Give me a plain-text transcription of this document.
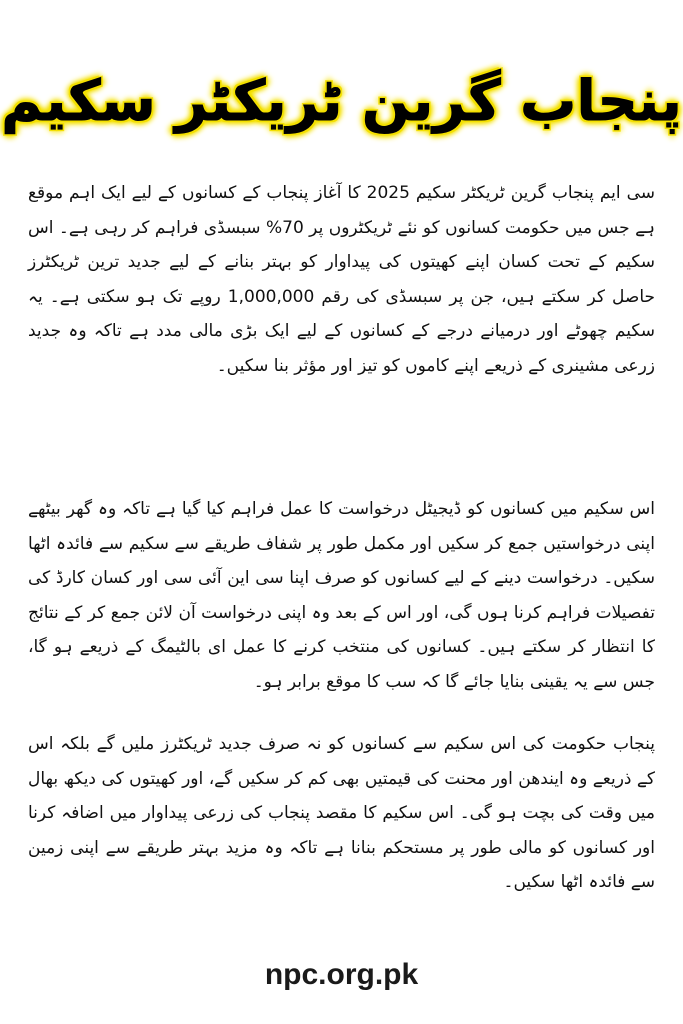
پنجاب گرین ٹریکٹر سکیم

سی ایم پنجاب گرین ٹریکٹر سکیم 2025 کا آغاز پنجاب کے کسانوں کے لیے ایک اہم موقع ہے جس میں حکومت کسانوں کو نئے ٹریکٹروں پر 70% سبسڈی فراہم کر رہی ہے۔ اس سکیم کے تحت کسان اپنے کھیتوں کی پیداوار کو بہتر بنانے کے لیے جدید ترین ٹریکٹرز حاصل کر سکتے ہیں، جن پر سبسڈی کی رقم 1,000,000 روپے تک ہو سکتی ہے۔ یہ سکیم چھوٹے اور درمیانے درجے کے کسانوں کے لیے ایک بڑی مالی مدد ہے تاکہ وہ جدید زرعی مشینری کے ذریعے اپنے کاموں کو تیز اور مؤثر بنا سکیں۔

اس سکیم میں کسانوں کو ڈیجیٹل درخواست کا عمل فراہم کیا گیا ہے تاکہ وہ گھر بیٹھے اپنی درخواستیں جمع کر سکیں اور مکمل طور پر شفاف طریقے سے سکیم سے فائدہ اٹھا سکیں۔ درخواست دینے کے لیے کسانوں کو صرف اپنا سی این آئی سی اور کسان کارڈ کی تفصیلات فراہم کرنا ہوں گی، اور اس کے بعد وہ اپنی درخواست آن لائن جمع کر کے نتائج کا انتظار کر سکتے ہیں۔ کسانوں کی منتخب کرنے کا عمل ای بالٹیمگ کے ذریعے ہو گا، جس سے یہ یقینی بنایا جائے گا کہ سب کا موقع برابر ہو۔

پنجاب حکومت کی اس سکیم سے کسانوں کو نہ صرف جدید ٹریکٹرز ملیں گے بلکہ اس کے ذریعے وہ ایندھن اور محنت کی قیمتیں بھی کم کر سکیں گے، اور کھیتوں کی دیکھ بھال میں وقت کی بچت ہو گی۔ اس سکیم کا مقصد پنجاب کی زرعی پیداوار میں اضافہ کرنا اور کسانوں کو مالی طور پر مستحکم بنانا ہے تاکہ وہ مزید بہتر طریقے سے اپنی زمین سے فائدہ اٹھا سکیں۔

npc.org.pk
